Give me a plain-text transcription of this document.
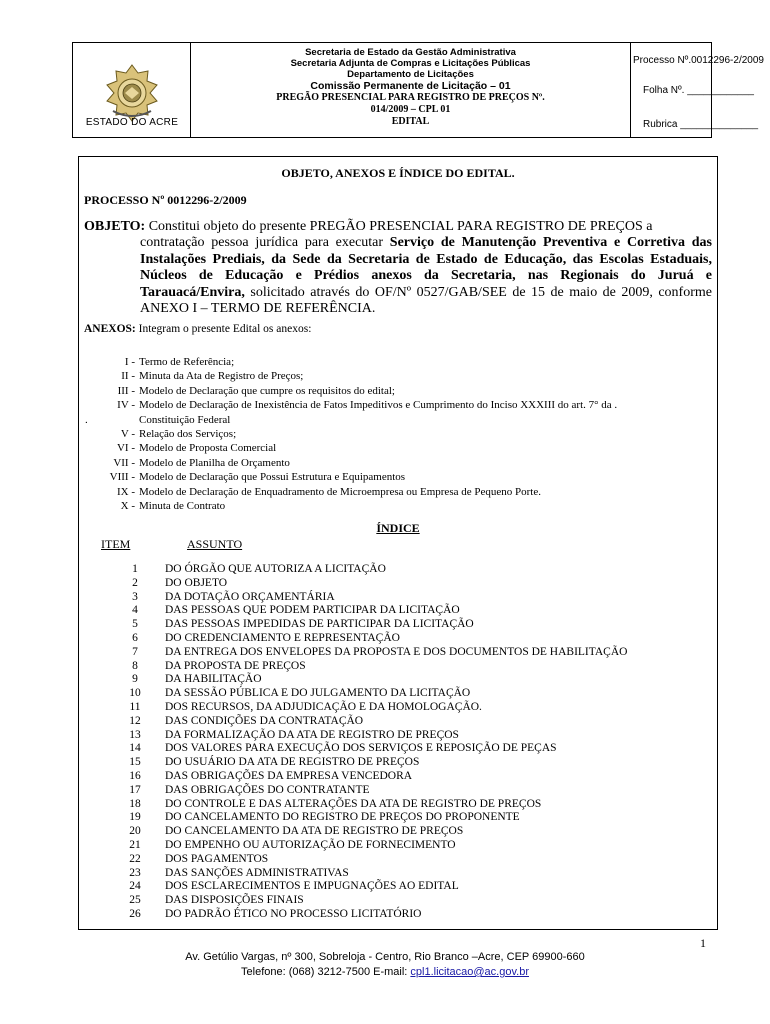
ESTADO DO ACRE
Secretaria de Estado da Gestão Administrativa
Secretaria Adjunta de Compras e Licitações Públicas
Departamento de Licitações
Comissão Permanente de Licitação – 01
PREGÃO PRESENCIAL PARA REGISTRO DE PREÇOS Nº.
014/2009 – CPL 01
EDITAL
Processo Nº.0012296-2/2009
Folha Nº. ____________
Rubrica ______________
OBJETO, ANEXOS E ÍNDICE DO EDITAL.
PROCESSO Nº 0012296-2/2009
OBJETO: Constitui objeto do presente PREGÃO PRESENCIAL PARA REGISTRO DE PREÇOS a
contratação pessoa jurídica para executar Serviço de Manutenção Preventiva e Corretiva das Instalações Prediais, da Sede da Secretaria de Estado de Educação, das Escolas Estaduais, Núcleos de Educação e Prédios anexos da Secretaria, nas Regionais do Juruá e Tarauacá/Envira, solicitado através do OF/Nº 0527/GAB/SEE de 15 de maio de 2009, conforme ANEXO I – TERMO DE REFERÊNCIA.
ANEXOS: Integram o presente Edital os anexos:
I - Termo de Referência;
II - Minuta da Ata de Registro de Preços;
III - Modelo de Declaração que cumpre os requisitos do edital;
IV - Modelo de Declaração de Inexistência de Fatos Impeditivos e Cumprimento do Inciso XXXIII do art. 7° da .
.	Constituição Federal
V - Relação dos Serviços;
VI - Modelo de Proposta Comercial
VII - Modelo de Planilha de Orçamento
VIII - Modelo de Declaração que Possui Estrutura e Equipamentos
IX - Modelo de Declaração de Enquadramento de Microempresa ou Empresa de Pequeno Porte.
X - Minuta de Contrato
ÍNDICE
ITEM	ASSUNTO
1	DO ÓRGÃO QUE AUTORIZA A LICITAÇÃO
2	DO OBJETO
3	DA DOTAÇÃO ORÇAMENTÁRIA
4	DAS PESSOAS QUE PODEM PARTICIPAR DA LICITAÇÃO
5	DAS PESSOAS IMPEDIDAS DE PARTICIPAR DA LICITAÇÃO
6	DO CREDENCIAMENTO E REPRESENTAÇÃO
7	DA ENTREGA DOS ENVELOPES DA PROPOSTA E DOS DOCUMENTOS DE HABILITAÇÃO
8	DA PROPOSTA DE PREÇOS
9	DA HABILITAÇÃO
10	DA SESSÃO PÚBLICA E DO JULGAMENTO DA LICITAÇÃO
11	DOS RECURSOS, DA ADJUDICAÇÃO E DA HOMOLOGAÇÃO.
12	DAS CONDIÇÕES DA CONTRATAÇÃO
13	DA FORMALIZAÇÃO DA ATA DE REGISTRO DE PREÇOS
14	DOS VALORES PARA EXECUÇÃO DOS SERVIÇOS E REPOSIÇÃO DE PEÇAS
15	DO USUÁRIO DA ATA DE REGISTRO DE PREÇOS
16	DAS OBRIGAÇÕES DA EMPRESA VENCEDORA
17	DAS OBRIGAÇÕES DO CONTRATANTE
18	DO CONTROLE E DAS ALTERAÇÕES DA ATA DE REGISTRO DE PREÇOS
19	DO CANCELAMENTO DO REGISTRO DE PREÇOS DO PROPONENTE
20	DO CANCELAMENTO DA ATA DE REGISTRO DE PREÇOS
21	DO EMPENHO OU AUTORIZAÇÃO DE FORNECIMENTO
22	DOS PAGAMENTOS
23	DAS SANÇÕES ADMINISTRATIVAS
24	DOS ESCLARECIMENTOS E IMPUGNAÇÕES AO EDITAL
25	DAS DISPOSIÇÕES FINAIS
26	DO PADRÃO ÉTICO NO PROCESSO LICITATÓRIO
1
Av. Getúlio Vargas, nº 300, Sobreloja - Centro, Rio Branco –Acre, CEP 69900-660
Telefone: (068) 3212-7500 E-mail: cpl1.licitacao@ac.gov.br
